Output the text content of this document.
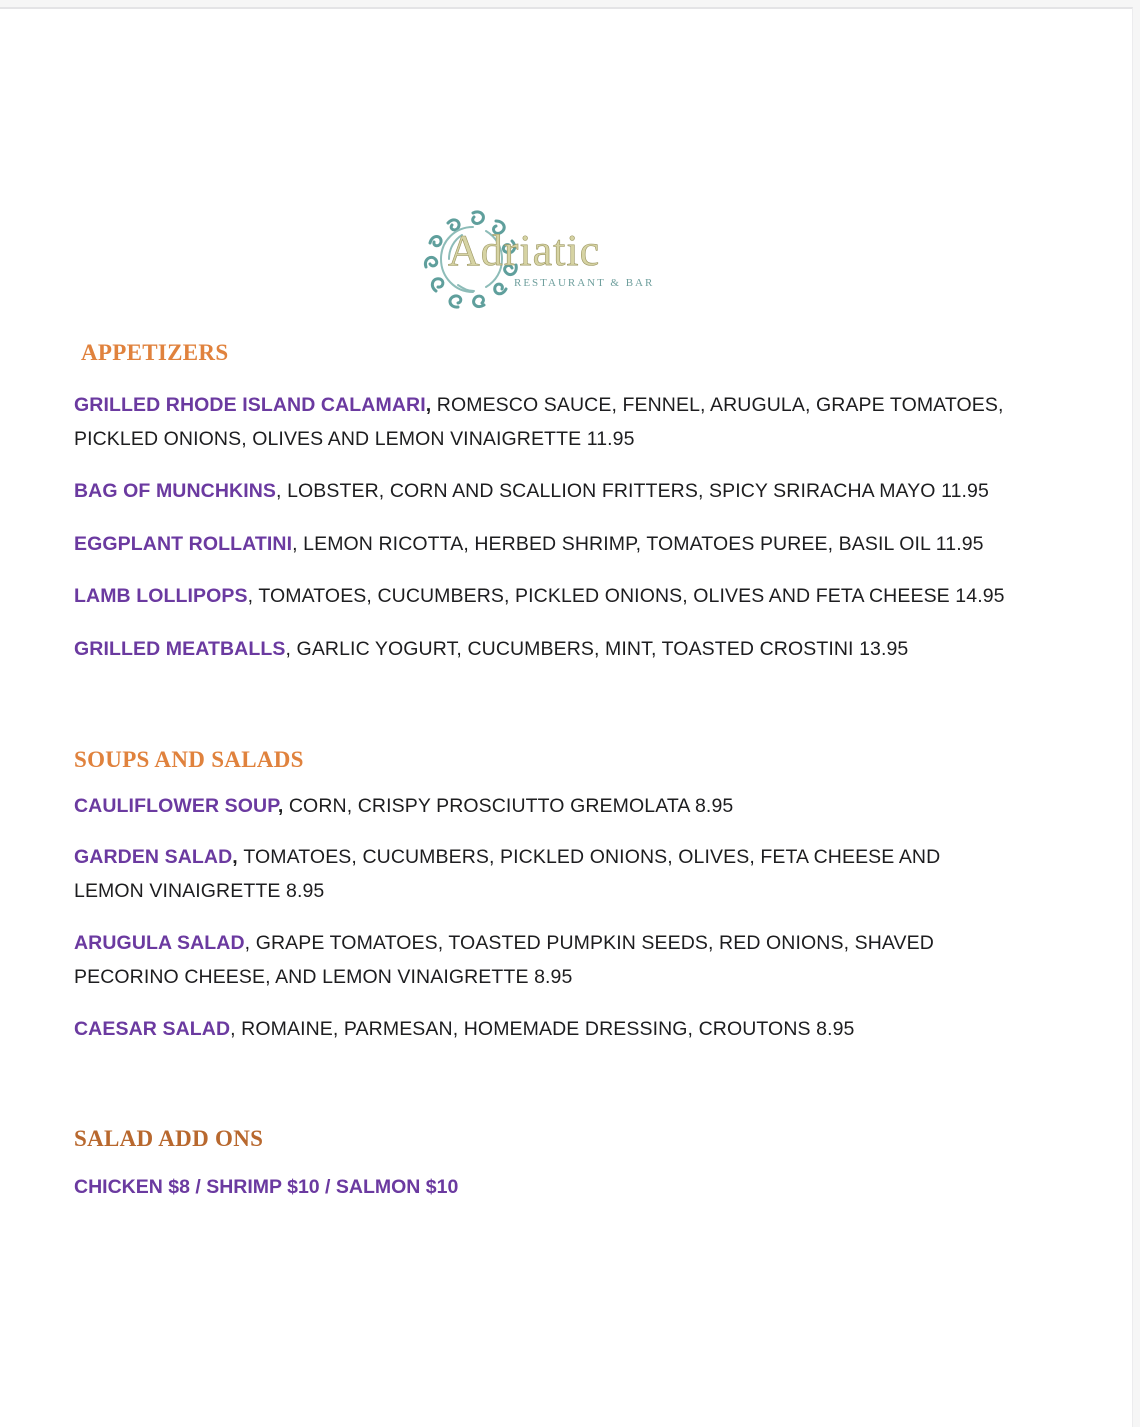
Adriatic
RESTAURANT & BAR
APPETIZERS

GRILLED RHODE ISLAND CALAMARI, ROMESCO SAUCE, FENNEL, ARUGULA, GRAPE TOMATOES, PICKLED ONIONS, OLIVES AND LEMON VINAIGRETTE 11.95

BAG OF MUNCHKINS, LOBSTER, CORN AND SCALLION FRITTERS, SPICY SRIRACHA MAYO 11.95

EGGPLANT ROLLATINI, LEMON RICOTTA, HERBED SHRIMP, TOMATOES PUREE, BASIL OIL 11.95

LAMB LOLLIPOPS, TOMATOES, CUCUMBERS, PICKLED ONIONS, OLIVES AND FETA CHEESE 14.95

GRILLED MEATBALLS, GARLIC YOGURT, CUCUMBERS, MINT, TOASTED CROSTINI 13.95

SOUPS AND SALADS

CAULIFLOWER SOUP, CORN, CRISPY PROSCIUTTO GREMOLATA 8.95

GARDEN SALAD, TOMATOES, CUCUMBERS, PICKLED ONIONS, OLIVES, FETA CHEESE AND LEMON VINAIGRETTE 8.95

ARUGULA SALAD, GRAPE TOMATOES, TOASTED PUMPKIN SEEDS, RED ONIONS, SHAVED PECORINO CHEESE, AND LEMON VINAIGRETTE 8.95

CAESAR SALAD, ROMAINE, PARMESAN, HOMEMADE DRESSING, CROUTONS 8.95

SALAD ADD ONS

CHICKEN $8 / SHRIMP $10 / SALMON $10
